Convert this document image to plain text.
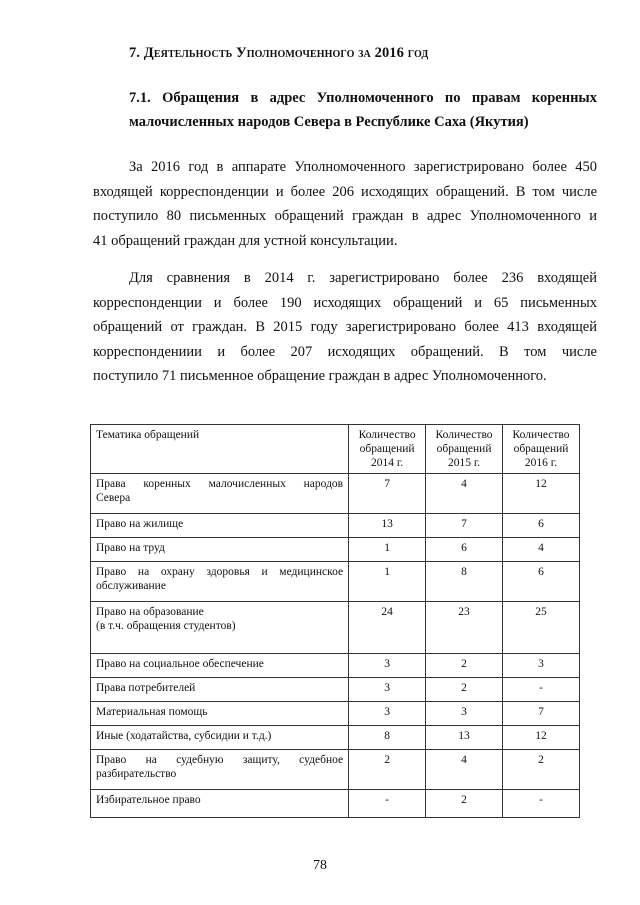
7. Деятельность Уполномоченного за 2016 год
7.1. Обращения в адрес Уполномоченного по правам коренных
малочисленных народов Севера в Республике Саха (Якутия)
За 2016 год в аппарате Уполномоченного зарегистрировано более 450
входящей корреспонденции и более 206 исходящих обращений. В том числе
поступило 80 письменных обращений граждан в адрес Уполномоченного и
41 обращений граждан для устной консультации.
Для сравнения в 2014 г. зарегистрировано более 236 входящей
корреспонденции и более 190 исходящих обращений и 65 письменных
обращений от граждан. В 2015 году зарегистрировано более 413 входящей
корреспондениии и более 207 исходящих обращений. В том числе
поступило 71 письменное обращение граждан в адрес Уполномоченного.
Тематика обращений	Количество
обращений
2014 г.	Количество
обращений
2015 г.	Количество
обращений
2016 г.
Права коренных малочисленных народов
Севера	7	4	12
Право на жилище	13	7	6
Право на труд	1	6	4
Право на охрану здоровья и медицинское
обслуживание	1	8	6
Право на образование
(в т.ч. обращения студентов)	24	23	25
Право на социальное обеспечение	3	2	3
Права потребителей	3	2	-
Материальная помощь	3	3	7
Иные (ходатайства, субсидии и т.д.)	8	13	12
Право на судебную защиту, судебное
разбирательство	2	4	2
Избирательное право	-	2	-
78
